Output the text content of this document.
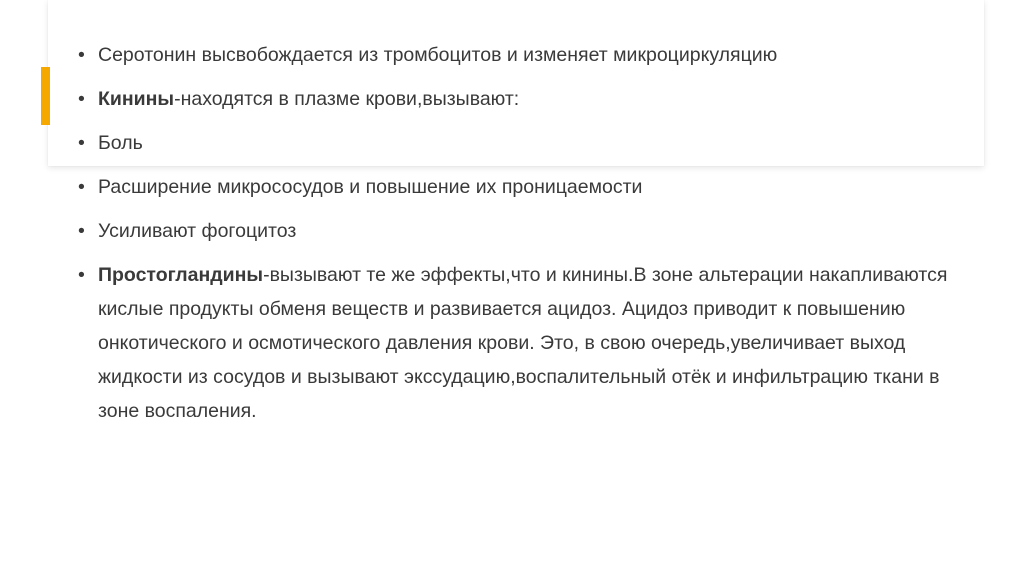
• Серотонин высвобождается из тромбоцитов и изменяет микроциркуляцию
• Кинины-находятся в плазме крови,вызывают:
• Боль
• Расширение микрососудов и повышение их проницаемости
• Усиливают фогоцитоз
• Простогландины-вызывают те же эффекты,что и кинины.В зоне альтерации накапливаются кислые продукты обменя веществ и развивается ацидоз. Ацидоз приводит к повышению онкотического и осмотического давления крови. Это, в свою очередь,увеличивает выход жидкости из сосудов и вызывают экссудацию,воспалительный отёк и инфильтрацию ткани в зоне воспаления.
